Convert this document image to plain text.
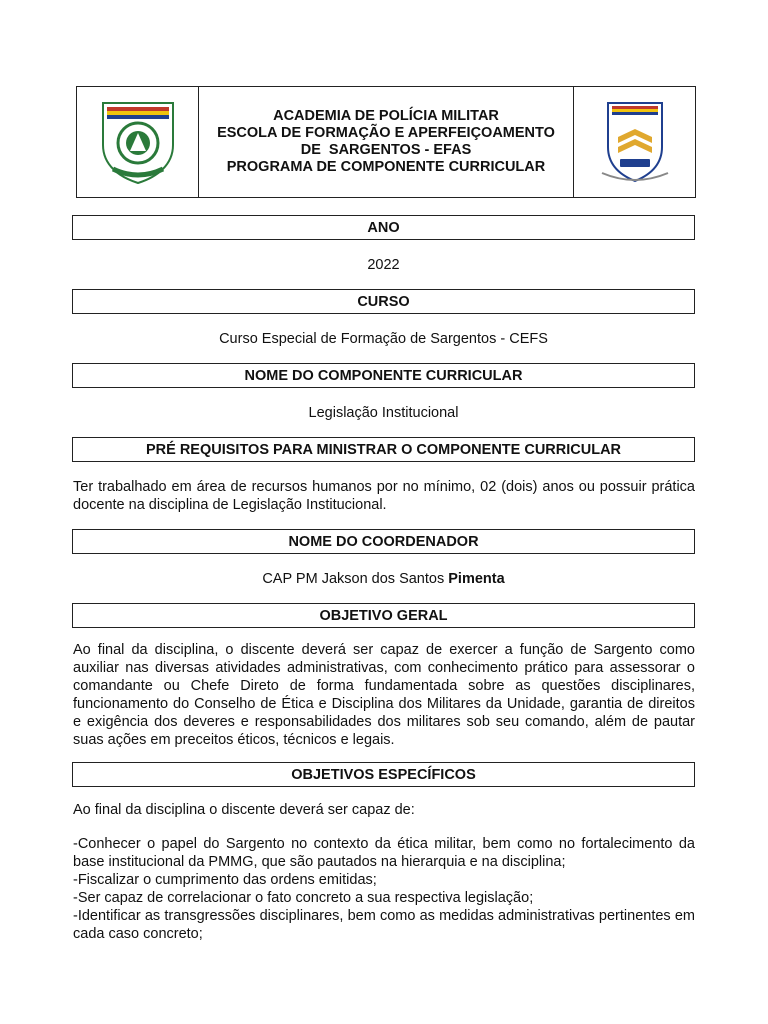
ACADEMIA DE POLÍCIA MILITAR
ESCOLA DE FORMAÇÃO E APERFEIÇOAMENTO
DE  SARGENTOS - EFAS
PROGRAMA DE COMPONENTE CURRICULAR
ANO
2022
CURSO
Curso Especial de Formação de Sargentos - CEFS
NOME DO COMPONENTE CURRICULAR
Legislação Institucional
PRÉ REQUISITOS PARA MINISTRAR O COMPONENTE CURRICULAR
Ter trabalhado em área de recursos humanos por no mínimo, 02 (dois) anos ou possuir prática docente na disciplina de Legislação Institucional.
NOME DO COORDENADOR
CAP PM Jakson dos Santos Pimenta
OBJETIVO GERAL
Ao final da disciplina, o discente deverá ser capaz de exercer a função de Sargento como auxiliar nas diversas atividades administrativas, com conhecimento prático para assessorar o comandante ou Chefe Direto de forma fundamentada sobre as questões disciplinares, funcionamento do Conselho de Ética e Disciplina dos Militares da Unidade, garantia de direitos e exigência dos deveres e responsabilidades dos militares sob seu comando, além de pautar suas ações em preceitos éticos, técnicos e legais.
OBJETIVOS ESPECÍFICOS
Ao final da disciplina o discente deverá ser capaz de:
-Conhecer o papel do Sargento no contexto da ética militar, bem como no fortalecimento da base institucional da PMMG, que são pautados na hierarquia e na disciplina;
-Fiscalizar o cumprimento das ordens emitidas;
-Ser capaz de correlacionar o fato concreto a sua respectiva legislação;
-Identificar as transgressões disciplinares, bem como as medidas administrativas pertinentes em cada caso concreto;
